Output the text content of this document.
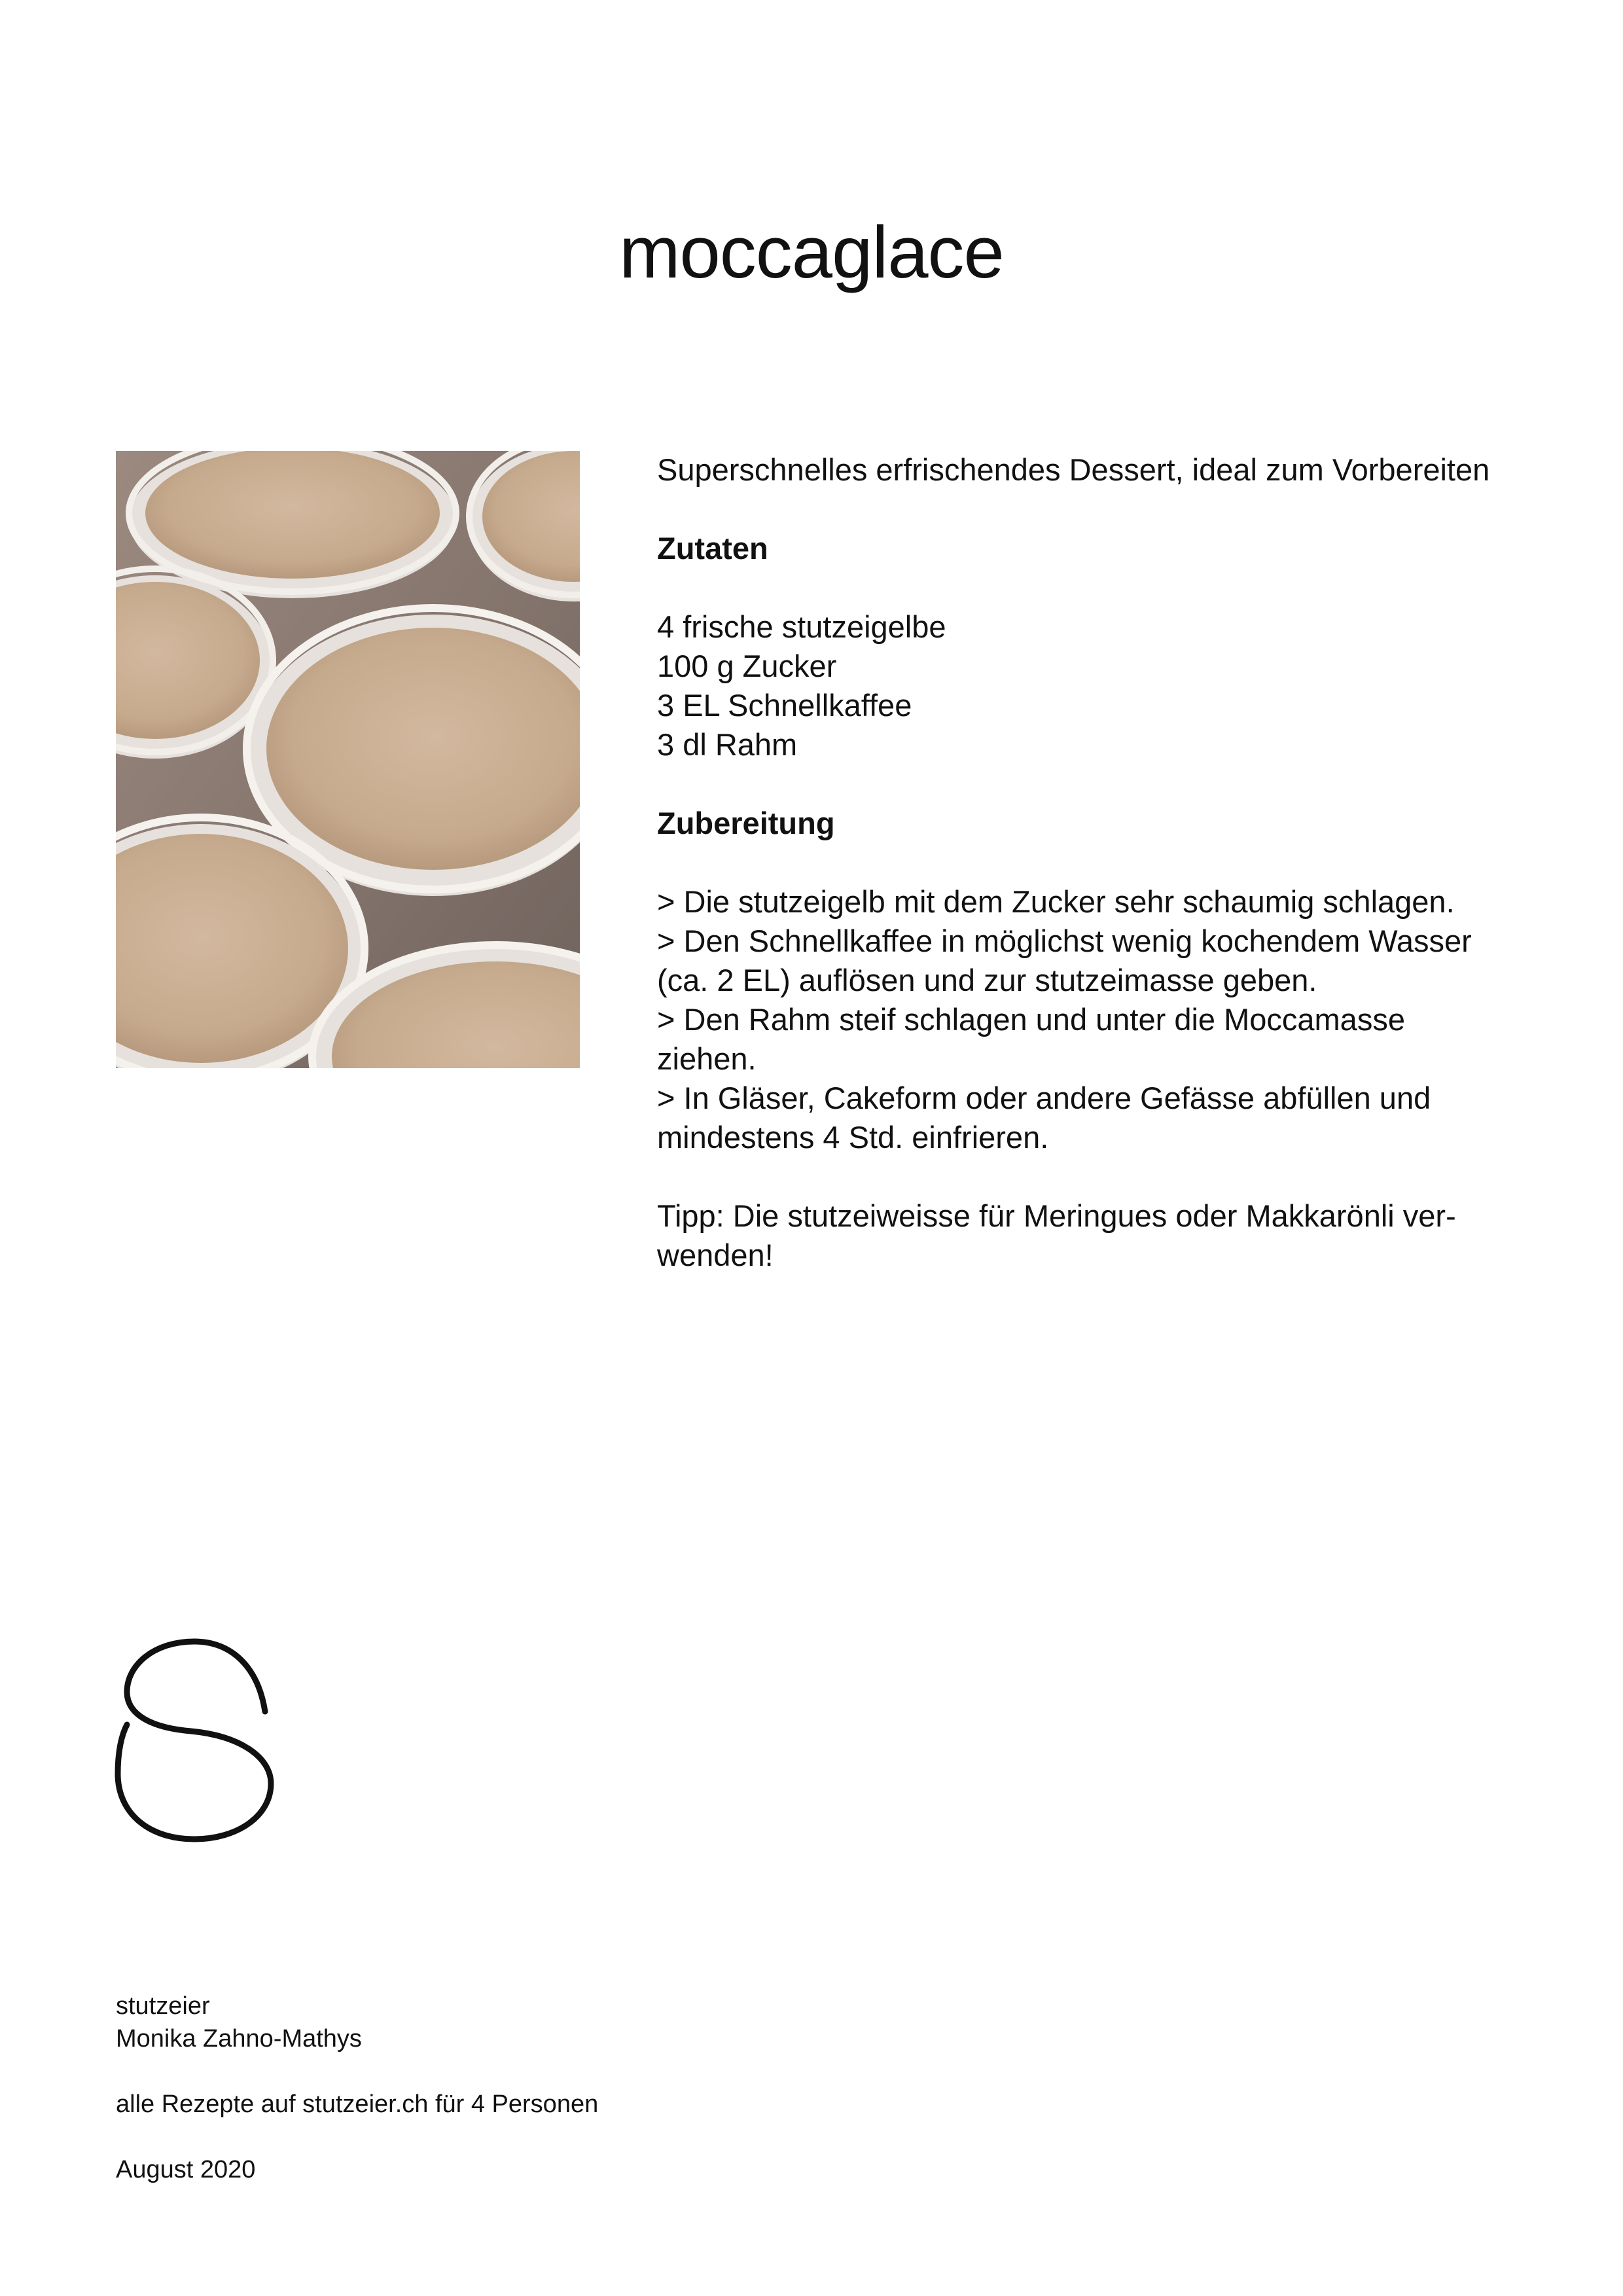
moccaglace

Superschnelles erfrischendes Dessert, ideal zum Vorbereiten

Zutaten

4 frische stutzeigelbe

100 g Zucker

3 EL Schnellkaffee

3 dl Rahm

Zubereitung

> Die stutzeigelb mit dem Zucker sehr schaumig schlagen.

> Den Schnellkaffee in möglichst wenig kochendem Wasser

(ca. 2 EL) auflösen und zur stutzeimasse geben.

> Den Rahm steif schlagen und unter die Moccamasse

ziehen.

> In Gläser, Cakeform oder andere Gefässe abfüllen und

mindestens 4 Std. einfrieren.

Tipp: Die stutzeiweisse für Meringues oder Makkarönli ver-

wenden!

stutzeier

Monika Zahno-Mathys

alle Rezepte auf stutzeier.ch für 4 Personen

August 2020
